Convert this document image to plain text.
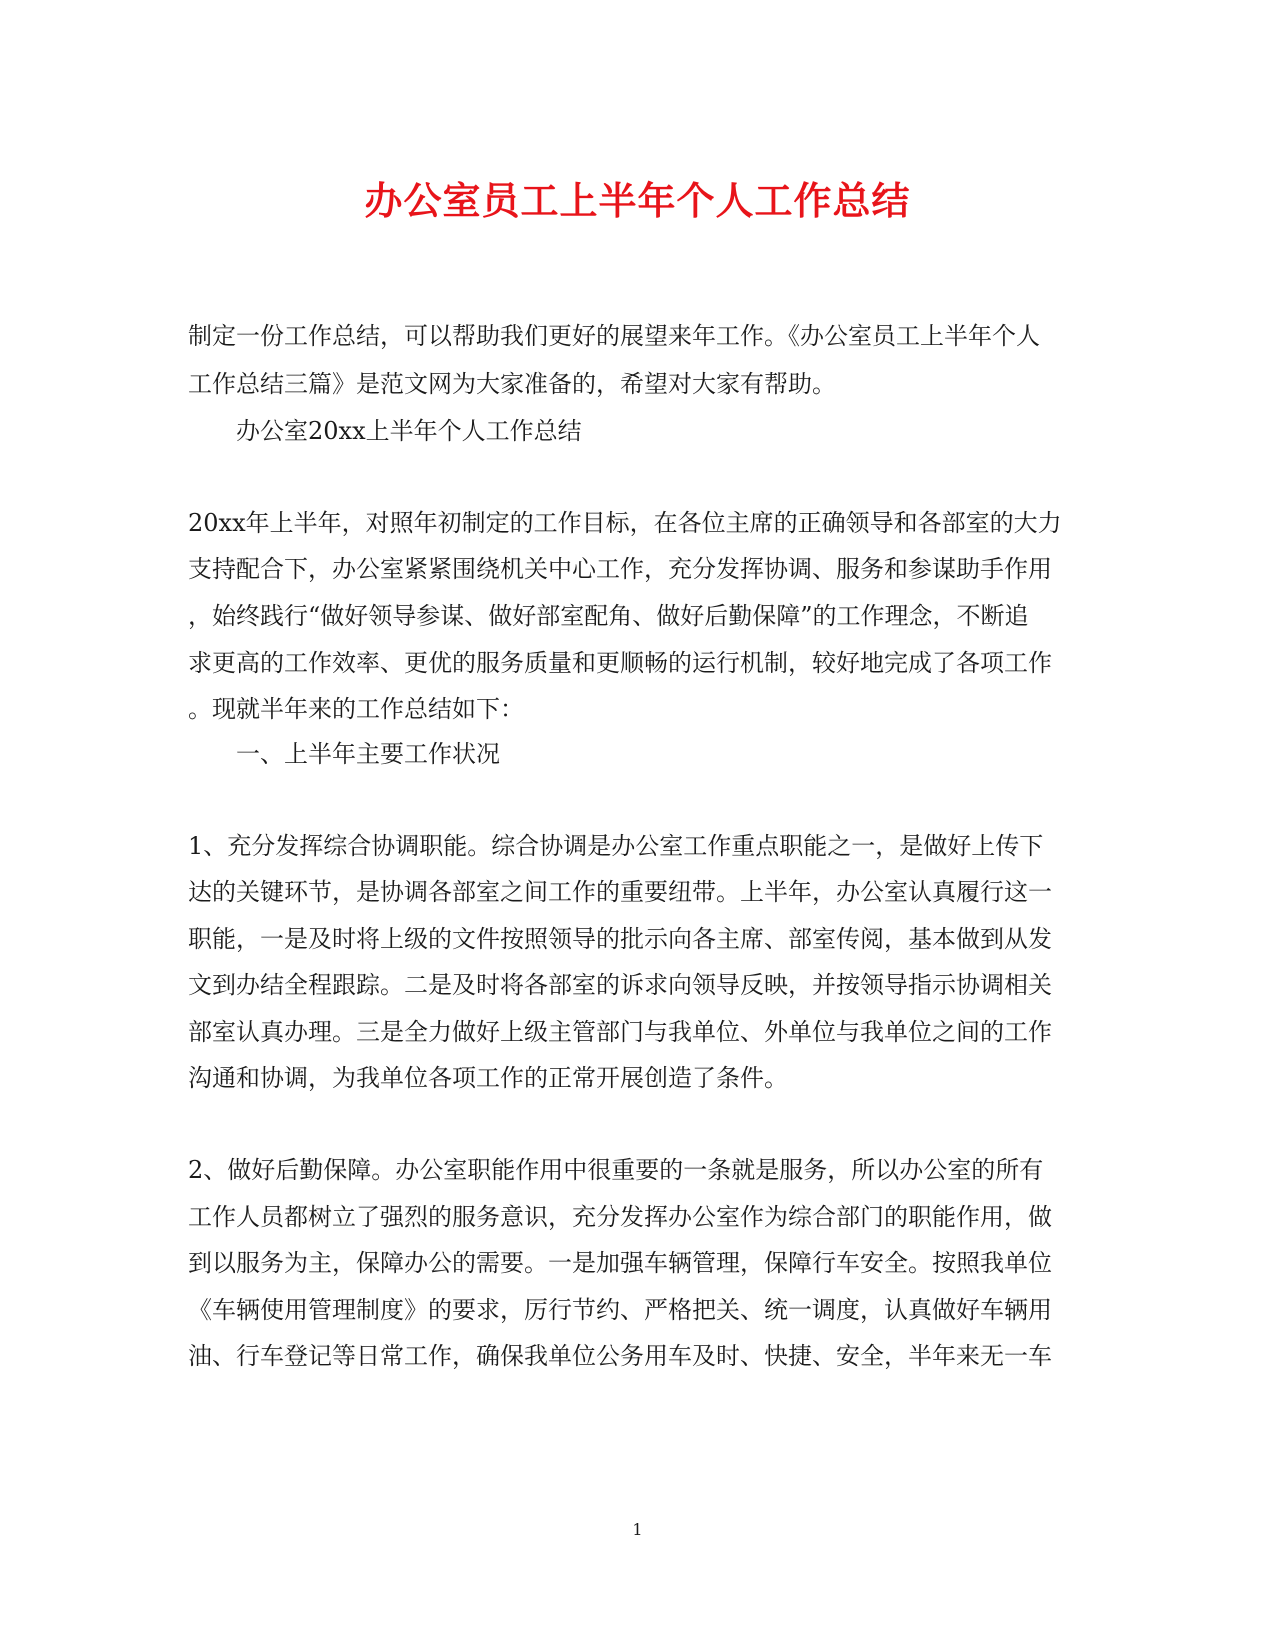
办公室员工上半年个人工作总结
制定一份工作总结，可以帮助我们更好的展望来年工作。《办公室员工上半年个人
工作总结三篇》是范文网为大家准备的，希望对大家有帮助。
办公室20xx上半年个人工作总结
20xx年上半年，对照年初制定的工作目标，在各位主席的正确领导和各部室的大力
支持配合下，办公室紧紧围绕机关中心工作，充分发挥协调、服务和参谋助手作用
，始终践行“做好领导参谋、做好部室配角、做好后勤保障”的工作理念，不断追
求更高的工作效率、更优的服务质量和更顺畅的运行机制，较好地完成了各项工作
。现就半年来的工作总结如下：
一、上半年主要工作状况
1、充分发挥综合协调职能。综合协调是办公室工作重点职能之一，是做好上传下
达的关键环节，是协调各部室之间工作的重要纽带。上半年，办公室认真履行这一
职能，一是及时将上级的文件按照领导的批示向各主席、部室传阅，基本做到从发
文到办结全程跟踪。二是及时将各部室的诉求向领导反映，并按领导指示协调相关
部室认真办理。三是全力做好上级主管部门与我单位、外单位与我单位之间的工作
沟通和协调，为我单位各项工作的正常开展创造了条件。
2、做好后勤保障。办公室职能作用中很重要的一条就是服务，所以办公室的所有
工作人员都树立了强烈的服务意识，充分发挥办公室作为综合部门的职能作用，做
到以服务为主，保障办公的需要。一是加强车辆管理，保障行车安全。按照我单位
《车辆使用管理制度》的要求，厉行节约、严格把关、统一调度，认真做好车辆用
油、行车登记等日常工作，确保我单位公务用车及时、快捷、安全，半年来无一车
1
